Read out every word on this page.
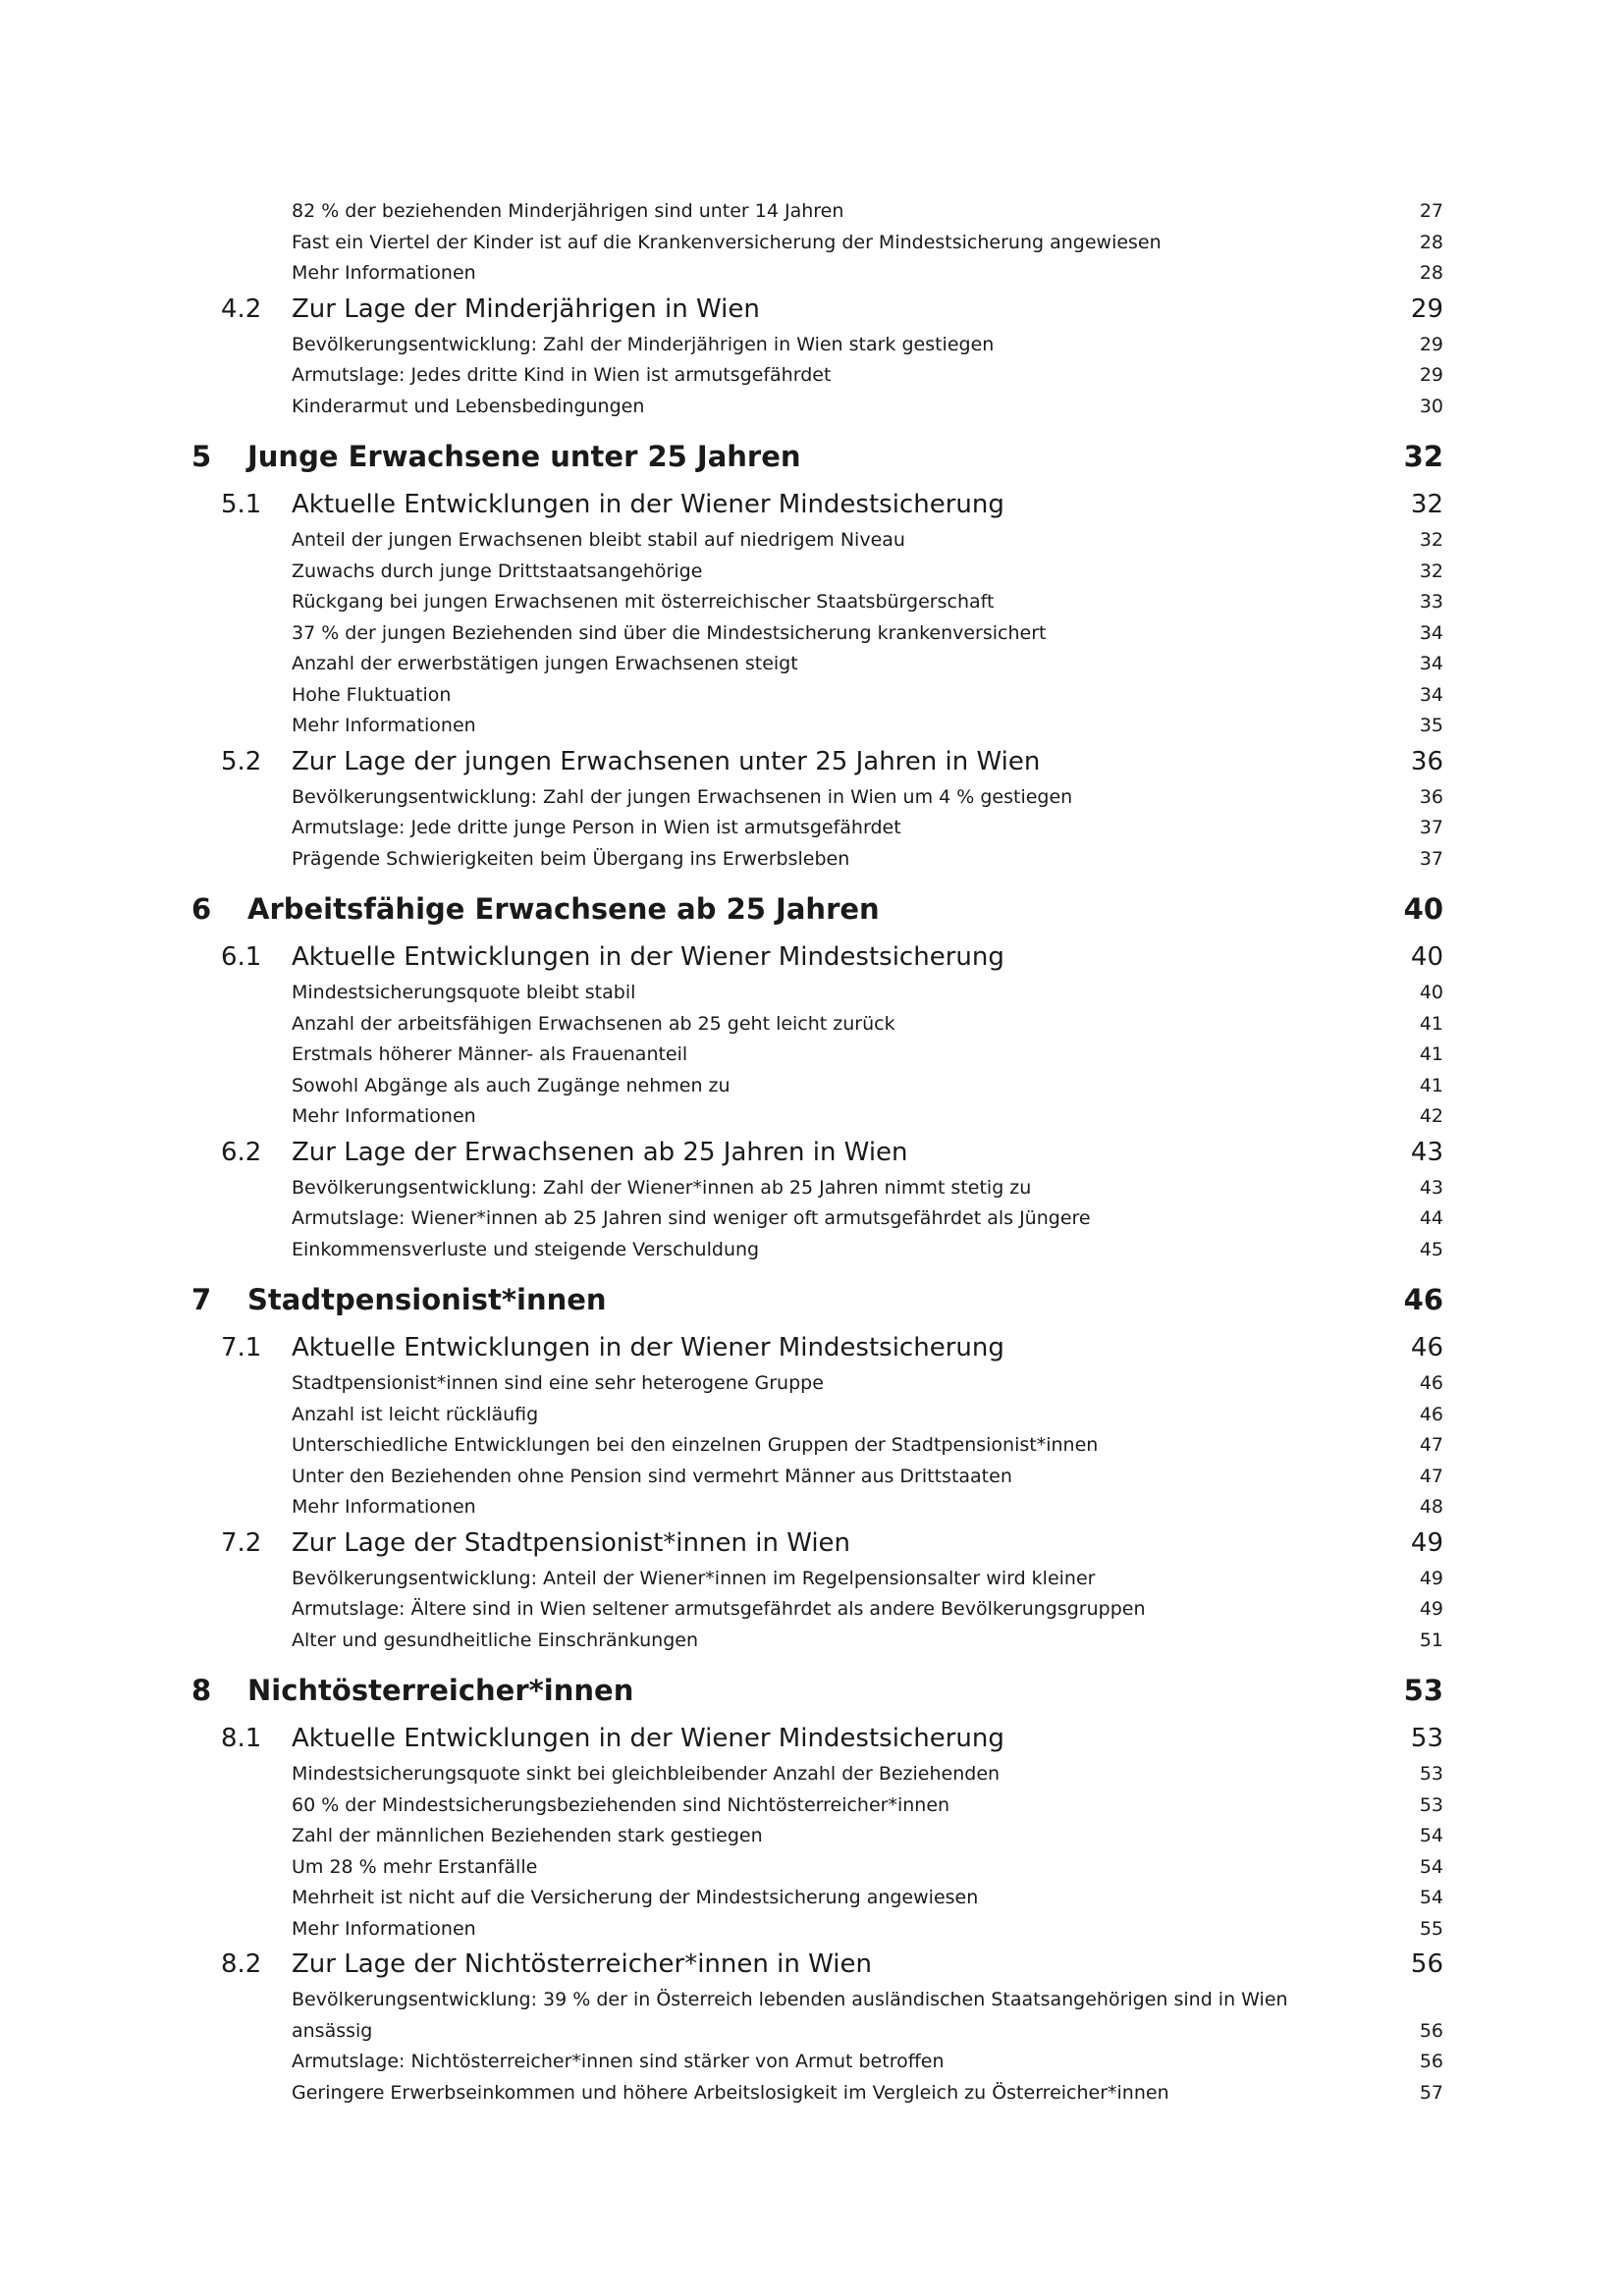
82 % der beziehenden Minderjährigen sind unter 14 Jahren . . .	27
Fast ein Viertel der Kinder ist auf die Krankenversicherung der Mindestsicherung angewiesen . . .	28
Mehr Informationen . . .	28
4.2	Zur Lage der Minderjährigen in Wien . . .	29
Bevölkerungsentwicklung: Zahl der Minderjährigen in Wien stark gestiegen . . .	29
Armutslage: Jedes dritte Kind in Wien ist armutsgefährdet . . .	29
Kinderarmut und Lebensbedingungen . . .	30
5	Junge Erwachsene unter 25 Jahren . . .	32
5.1	Aktuelle Entwicklungen in der Wiener Mindestsicherung . . .	32
Anteil der jungen Erwachsenen bleibt stabil auf niedrigem Niveau . . .	32
Zuwachs durch junge Drittstaatsangehörige . . .	32
Rückgang bei jungen Erwachsenen mit österreichischer Staatsbürgerschaft . . .	33
37 % der jungen Beziehenden sind über die Mindestsicherung krankenversichert . . .	34
Anzahl der erwerbstätigen jungen Erwachsenen steigt . . .	34
Hohe Fluktuation . . .	34
Mehr Informationen . . .	35
5.2	Zur Lage der jungen Erwachsenen unter 25 Jahren in Wien . . .	36
Bevölkerungsentwicklung: Zahl der jungen Erwachsenen in Wien um 4 % gestiegen . . .	36
Armutslage: Jede dritte junge Person in Wien ist armutsgefährdet . . .	37
Prägende Schwierigkeiten beim Übergang ins Erwerbsleben . . .	37
6	Arbeitsfähige Erwachsene ab 25 Jahren . . .	40
6.1	Aktuelle Entwicklungen in der Wiener Mindestsicherung . . .	40
Mindestsicherungsquote bleibt stabil . . .	40
Anzahl der arbeitsfähigen Erwachsenen ab 25 geht leicht zurück . . .	41
Erstmals höherer Männer- als Frauenanteil . . .	41
Sowohl Abgänge als auch Zugänge nehmen zu . . .	41
Mehr Informationen . . .	42
6.2	Zur Lage der Erwachsenen ab 25 Jahren in Wien . . .	43
Bevölkerungsentwicklung: Zahl der Wiener*innen ab 25 Jahren nimmt stetig zu . . .	43
Armutslage: Wiener*innen ab 25 Jahren sind weniger oft armutsgefährdet als Jüngere . . .	44
Einkommensverluste und steigende Verschuldung . . .	45
7	Stadtpensionist*innen . . .	46
7.1	Aktuelle Entwicklungen in der Wiener Mindestsicherung . . .	46
Stadtpensionist*innen sind eine sehr heterogene Gruppe . . .	46
Anzahl ist leicht rückläufig . . .	46
Unterschiedliche Entwicklungen bei den einzelnen Gruppen der Stadtpensionist*innen . . .	47
Unter den Beziehenden ohne Pension sind vermehrt Männer aus Drittstaaten . . .	47
Mehr Informationen . . .	48
7.2	Zur Lage der Stadtpensionist*innen in Wien . . .	49
Bevölkerungsentwicklung: Anteil der Wiener*innen im Regelpensionsalter wird kleiner . . .	49
Armutslage: Ältere sind in Wien seltener armutsgefährdet als andere Bevölkerungsgruppen . . .	49
Alter und gesundheitliche Einschränkungen . . .	51
8	Nichtösterreicher*innen . . .	53
8.1	Aktuelle Entwicklungen in der Wiener Mindestsicherung . . .	53
Mindestsicherungsquote sinkt bei gleichbleibender Anzahl der Beziehenden . . .	53
60 % der Mindestsicherungsbeziehenden sind Nichtösterreicher*innen . . .	53
Zahl der männlichen Beziehenden stark gestiegen . . .	54
Um 28 % mehr Erstanfälle . . .	54
Mehrheit ist nicht auf die Versicherung der Mindestsicherung angewiesen . . .	54
Mehr Informationen . . .	55
8.2	Zur Lage der Nichtösterreicher*innen in Wien . . .	56
Bevölkerungsentwicklung: 39 % der in Österreich lebenden ausländischen Staatsangehörigen sind in Wien
ansässig . . .	56
Armutslage: Nichtösterreicher*innen sind stärker von Armut betroffen . . .	56
Geringere Erwerbseinkommen und höhere Arbeitslosigkeit im Vergleich zu Österreicher*innen . . .	57
